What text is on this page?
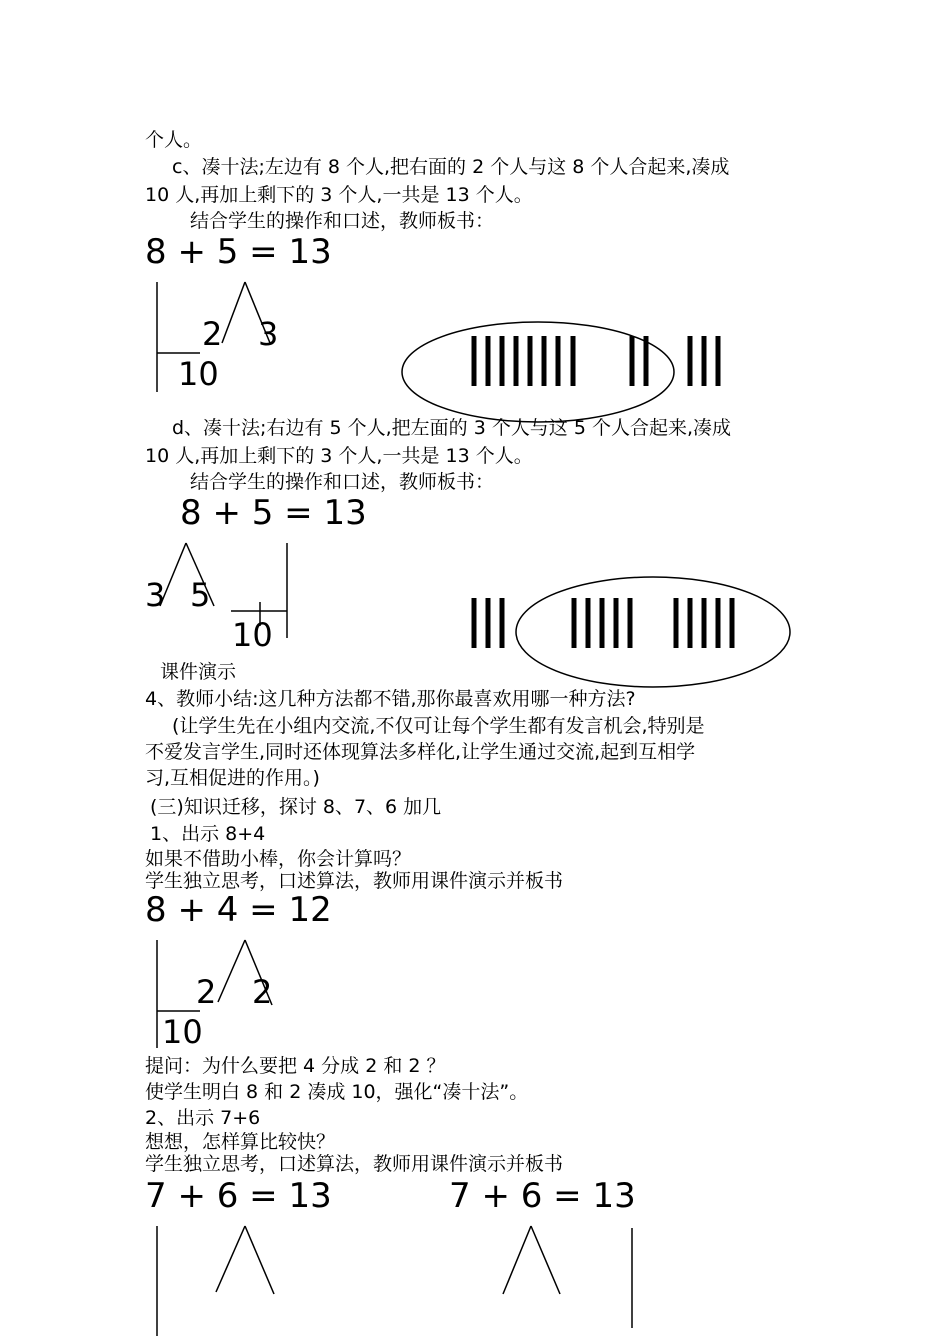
个人。
c、凑十法;左边有 8 个人,把右面的 2 个人与这 8 个人合起来,凑成
10 人,再加上剩下的 3 个人,一共是 13 个人。
结合学生的操作和口述，教师板书：
8 + 5 = 13
2 3
10
d、凑十法;右边有 5 个人,把左面的 3 个人与这 5 个人合起来,凑成
10 人,再加上剩下的 3 个人,一共是 13 个人。
结合学生的操作和口述，教师板书：
8 + 5 = 13
3 5
10
课件演示
4、教师小结:这几种方法都不错,那你最喜欢用哪一种方法?
(让学生先在小组内交流,不仅可让每个学生都有发言机会,特别是
不爱发言学生,同时还体现算法多样化,让学生通过交流,起到互相学
习,互相促进的作用。)
(三)知识迁移，探讨 8、7、6 加几
1、出示 8+4
如果不借助小棒，你会计算吗？
学生独立思考，口述算法，教师用课件演示并板书
8 + 4 = 12
2 2
10
提问：为什么要把 4 分成 2 和 2 ？
使学生明白 8 和 2 凑成 10，强化“凑十法”。
2、出示 7+6
想想，怎样算比较快？
学生独立思考，口述算法，教师用课件演示并板书
7 + 6 = 13	7 + 6 = 13
